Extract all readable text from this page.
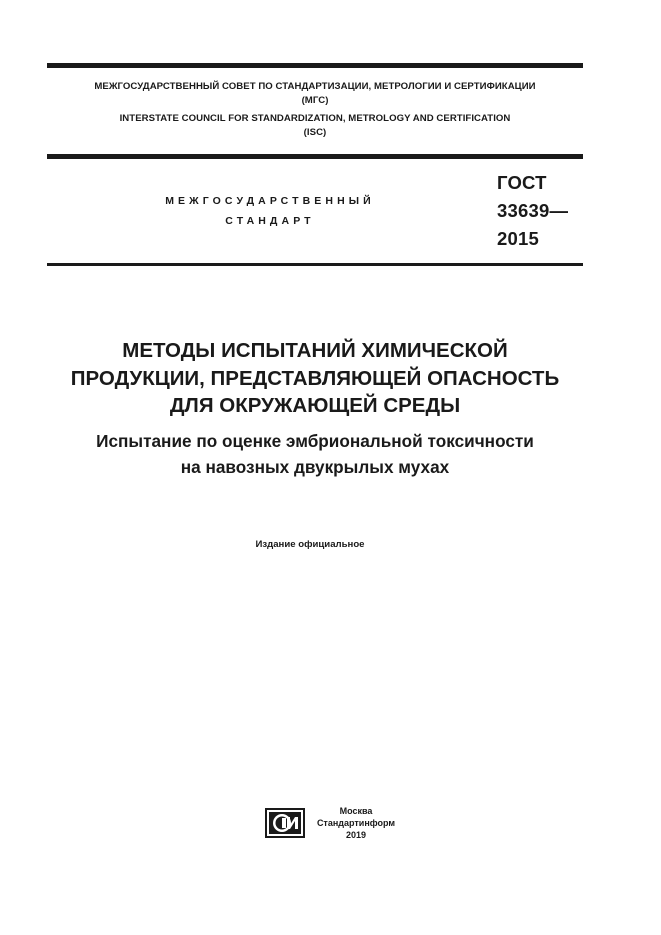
МЕЖГОСУДАРСТВЕННЫЙ СОВЕТ ПО СТАНДАРТИЗАЦИИ, МЕТРОЛОГИИ И СЕРТИФИКАЦИИ
(МГС)
INTERSTATE COUNCIL FOR STANDARDIZATION, METROLOGY AND CERTIFICATION
(ISC)
МЕЖГОСУДАРСТВЕННЫЙ
СТАНДАРТ
ГОСТ
33639—
2015
МЕТОДЫ ИСПЫТАНИЙ ХИМИЧЕСКОЙ
ПРОДУКЦИИ, ПРЕДСТАВЛЯЮЩЕЙ ОПАСНОСТЬ
ДЛЯ ОКРУЖАЮЩЕЙ СРЕДЫ
Испытание по оценке эмбриональной токсичности
на навозных двукрылых мухах
Издание официальное
Москва
Стандартинформ
2019
